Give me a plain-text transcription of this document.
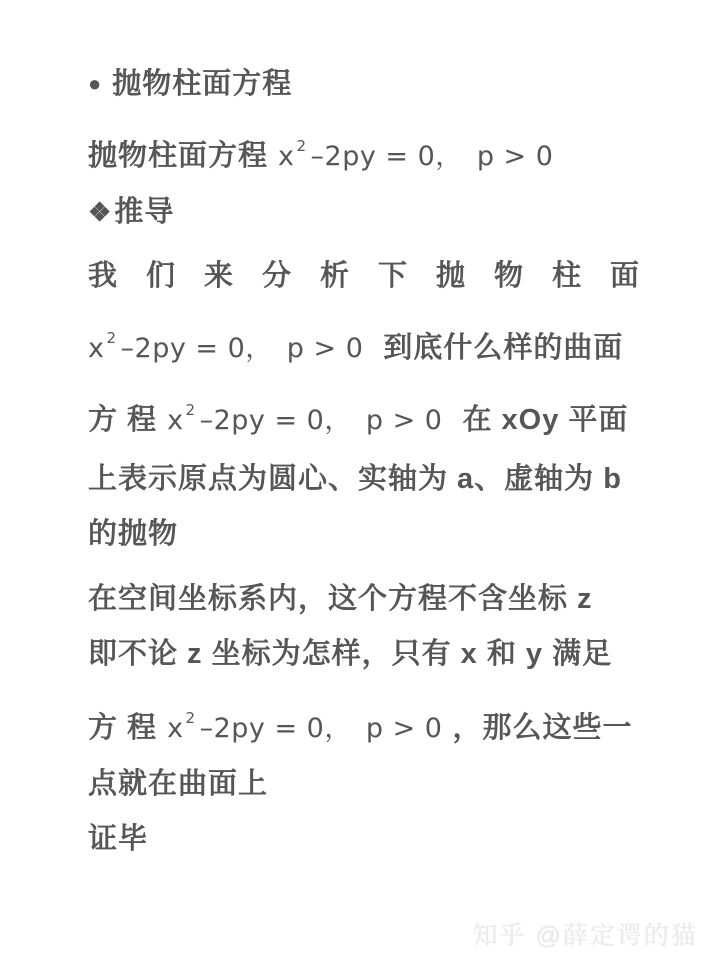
● 抛物柱面方程
抛物柱面方程 x $^2$ –2py = 0， p > 0
❖推导
我 们 来 分 析 下 抛 物 柱 面
x $^2$ –2py = 0， p > 0 到底什么样的曲面
方 程 x $^2$ –2py = 0， p > 0 在 xOy 平面
上表示原点为圆心、实轴为 a、虚轴为 b
的抛物
在空间坐标系内，这个方程不含坐标 z
即不论 z 坐标为怎样，只有 x 和 y 满足
方 程 x $^2$ –2py = 0， p > 0 ，那么这些一
点就在曲面上
证毕
知乎 @薛定谔的猫
